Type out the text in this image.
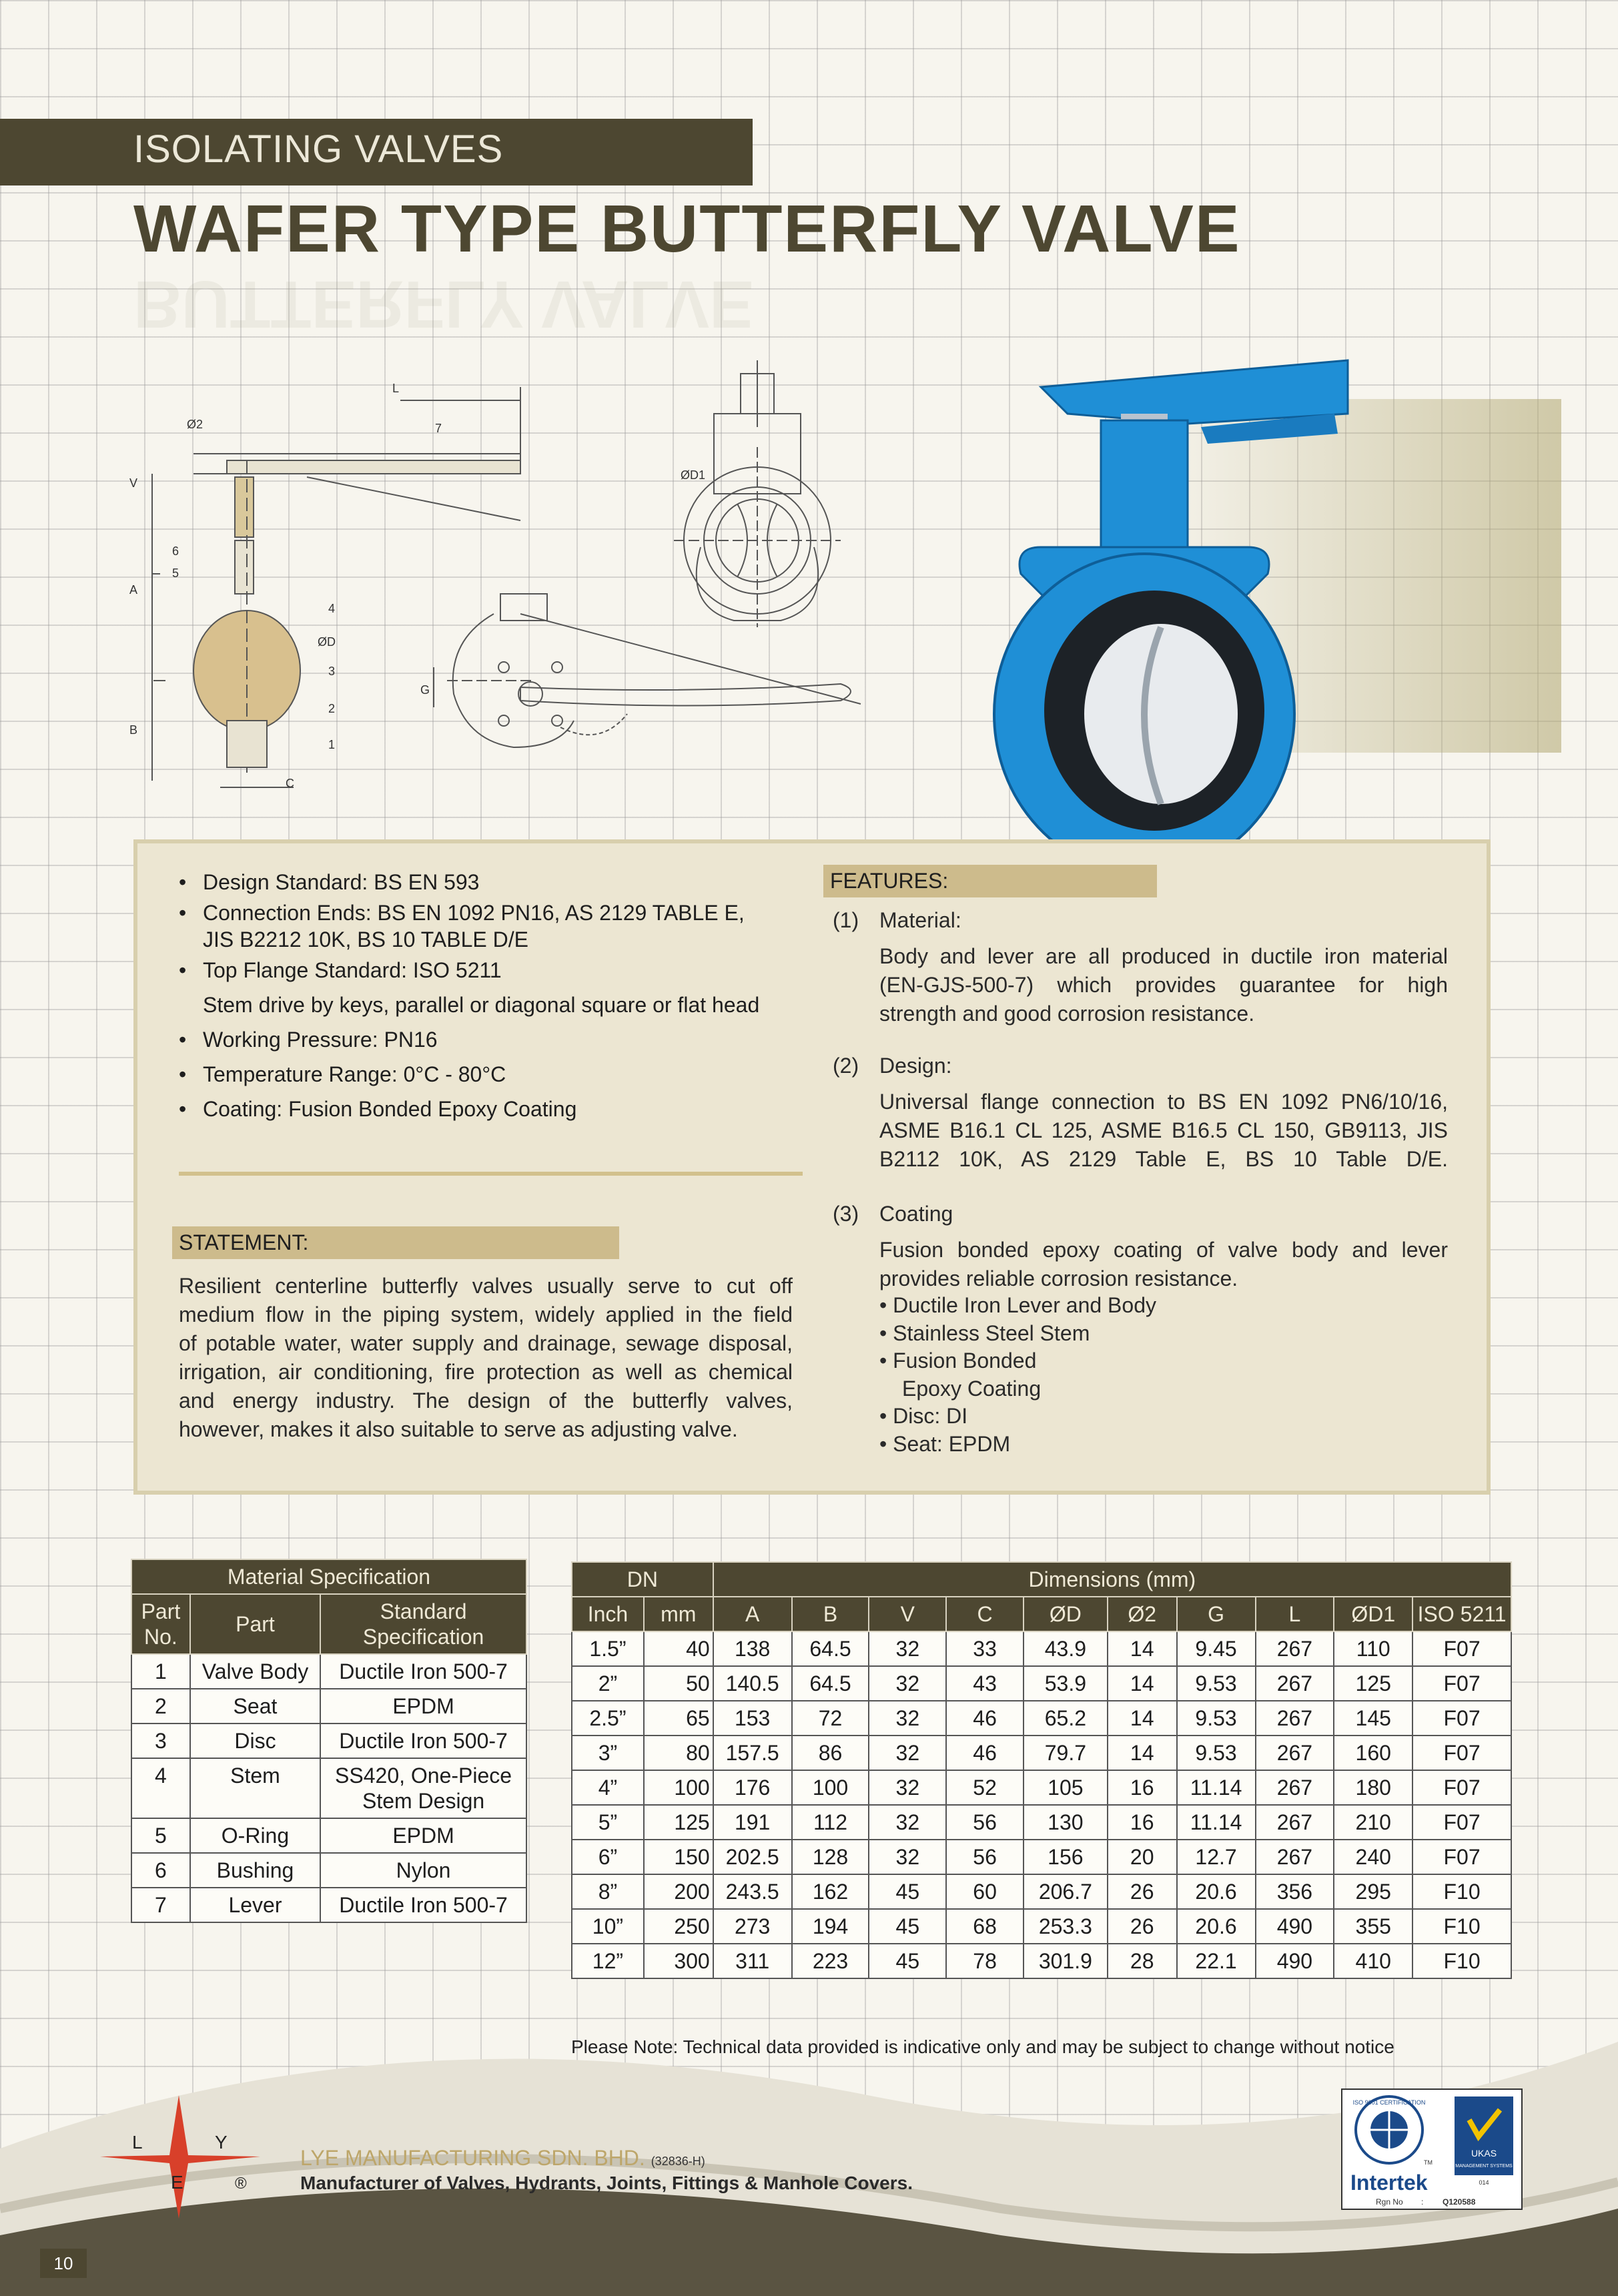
ISOLATING VALVES
WAFER TYPE BUTTERFLY VALVE
BUTTERFLY VALVE
Ø2
L
7
V
6
5
A
4
ØD
3
2
B
1
C
ØD1
G
Design Standard: BS EN 593
Connection Ends: BS EN 1092 PN16, AS 2129 TABLE E,
JIS B2212 10K, BS 10 TABLE D/E
Top Flange Standard: ISO 5211
Stem drive by keys, parallel or diagonal square or flat head
Working Pressure: PN16
Temperature Range: 0°C - 80°C
Coating: Fusion Bonded Epoxy Coating
STATEMENT:
Resilient centerline butterfly valves usually serve to cut off
medium flow in the piping system, widely applied in the field
of potable water, water supply and drainage, sewage disposal,
irrigation, air conditioning, fire protection as well as chemical
and energy industry. The design of the butterfly valves,
however, makes it also suitable to serve as adjusting valve.
FEATURES:
(1) Material:
Body and lever are all produced in ductile iron material
(EN-GJS-500-7) which provides guarantee for high
strength and good corrosion resistance.
(2) Design:
Universal flange connection to BS EN 1092 PN6/10/16,
ASME B16.1 CL 125, ASME B16.5 CL 150, GB9113, JIS
B2112 10K, AS 2129 Table E, BS 10 Table D/E.
(3) Coating
Fusion bonded epoxy coating of valve body and lever
provides reliable corrosion resistance.
• Ductile Iron Lever and Body
• Stainless Steel Stem
• Fusion Bonded
Epoxy Coating
• Disc: DI
• Seat: EPDM
Material Specification		
Part No.	Part	Standard Specification
1	Valve Body	Ductile Iron 500-7
2	Seat	EPDM
3	Disc	Ductile Iron 500-7
4	Stem	SS420, One-Piece Stem Design
5	O-Ring	EPDM
6	Bushing	Nylon
7	Lever	Ductile Iron 500-7
DN		Dimensions (mm)									
Inch	mm	A	B	V	C	ØD	Ø2	G	L	ØD1	ISO 5211
1.5”	40	138	64.5	32	33	43.9	14	9.45	267	110	F07
2”	50	140.5	64.5	32	43	53.9	14	9.53	267	125	F07
2.5”	65	153	72	32	46	65.2	14	9.53	267	145	F07
3”	80	157.5	86	32	46	79.7	14	9.53	267	160	F07
4”	100	176	100	32	52	105	16	11.14	267	180	F07
5”	125	191	112	32	56	130	16	11.14	267	210	F07
6”	150	202.5	128	32	56	156	20	12.7	267	240	F07
8”	200	243.5	162	45	60	206.7	26	20.6	356	295	F10
10”	250	273	194	45	68	253.3	26	20.6	490	355	F10
12”	300	311	223	45	78	301.9	28	22.1	490	410	F10
Please Note: Technical data provided is indicative only and may be subject to change without notice
L	Y
E	®
LYE MANUFACTURING SDN. BHD. (32836-H)
Manufacturer of Valves, Hydrants, Joints, Fittings & Manhole Covers.
ISO 9001 CERTIFICATION
TM
Intertek
UKAS
MANAGEMENT SYSTEMS
014
Rgn No : Q120588
10
